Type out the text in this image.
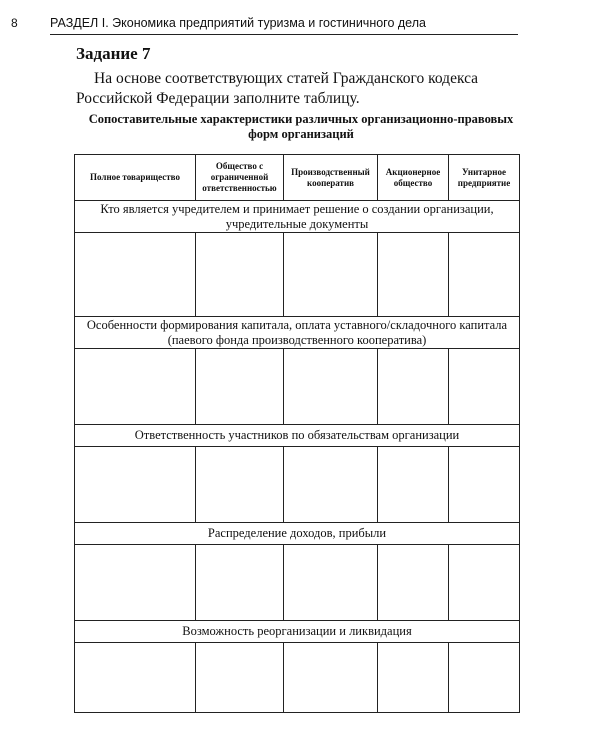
8	РАЗДЕЛ I. Экономика предприятий туризма и гостиничного дела
Задание 7
На основе соответствующих статей Гражданского кодекса Российской Федерации заполните таблицу.
Сопоставительные характеристики различных организационно-правовых форм организаций
Полное товарищество	Общество с ограниченной ответственностью	Производственный кооператив	Акционерное общество	Унитарное предприятие
Кто является учредителем и принимает решение о создании организации, учредительные документы				

Особенности формирования капитала, оплата уставного/складочного капитала (паевого фонда производственного кооператива)				

Ответственность участников по обязательствам организации				

Распределение доходов, прибыли				

Возможность реорганизации и ликвидация				
